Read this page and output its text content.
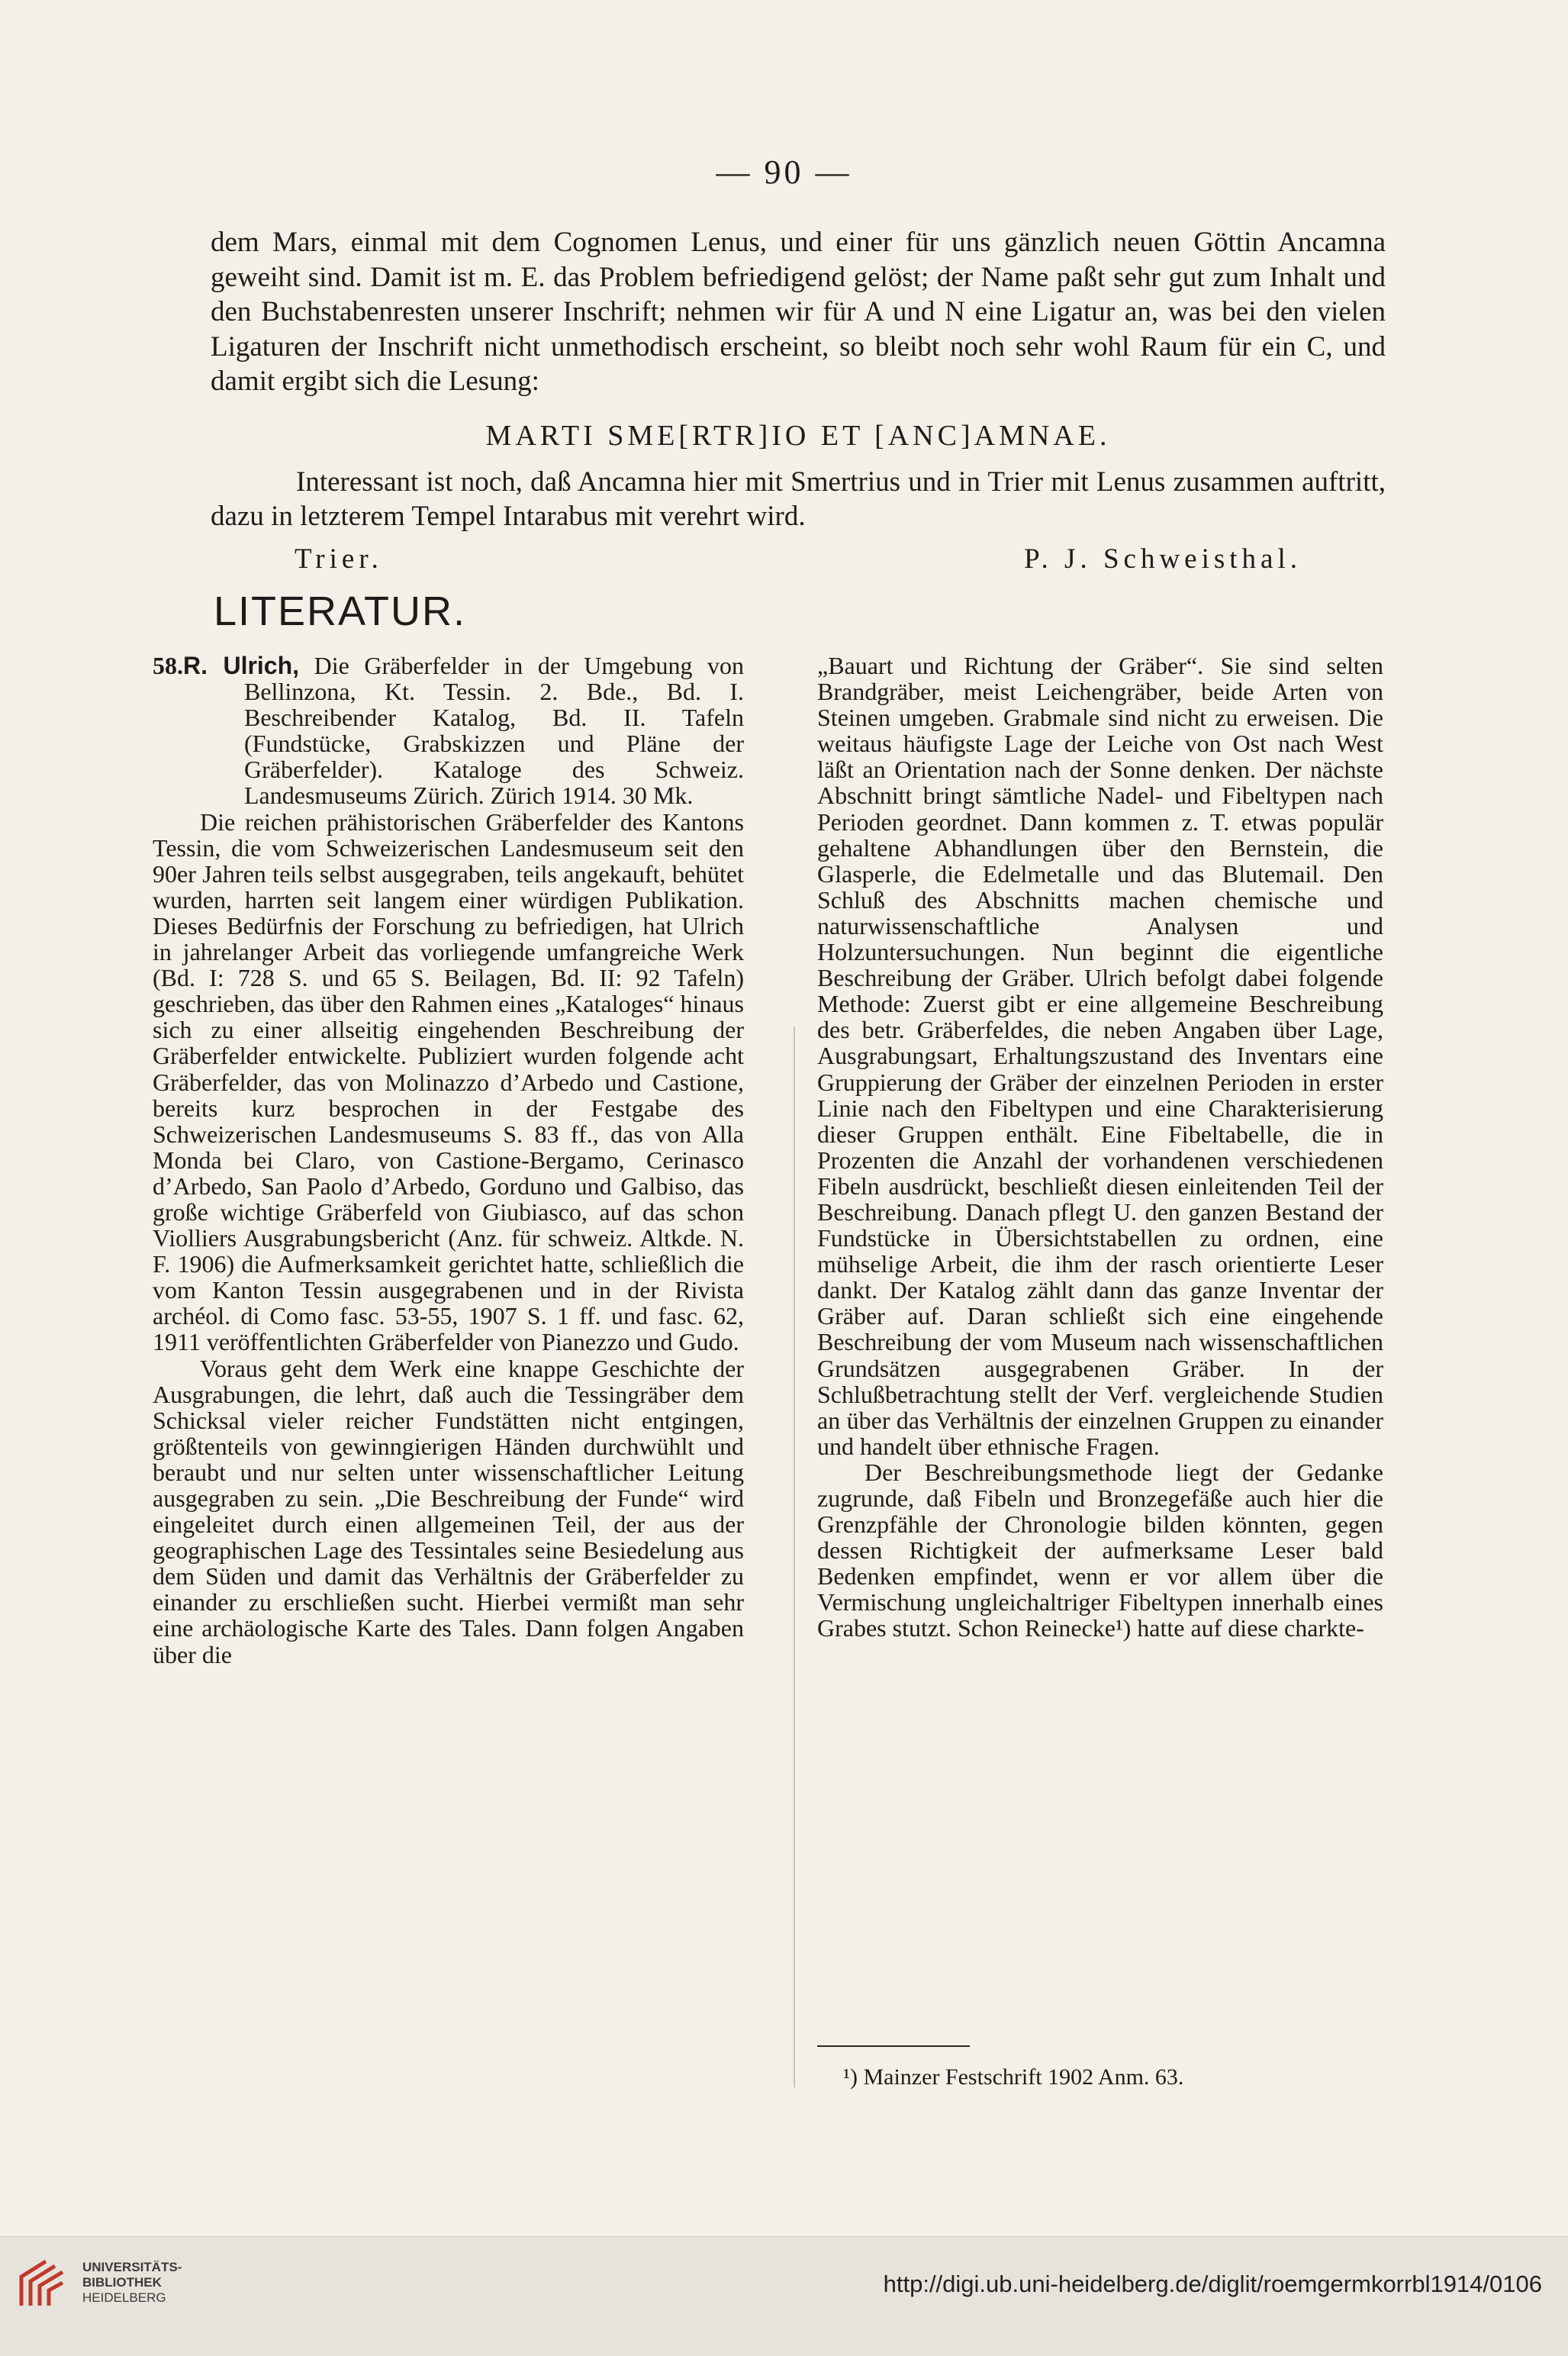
— 90 —

dem Mars, einmal mit dem Cognomen Lenus, und einer für uns gänzlich neuen Göttin Ancamna geweiht sind. Damit ist m. E. das Problem befriedigend gelöst; der Name paßt sehr gut zum Inhalt und den Buchstabenresten unserer Inschrift; nehmen wir für A und N eine Ligatur an, was bei den vielen Ligaturen der Inschrift nicht unmethodisch erscheint, so bleibt noch sehr wohl Raum für ein C, und damit ergibt sich die Lesung:

MARTI SME[RTR]IO ET [ANC]AMNAE.

Interessant ist noch, daß Ancamna hier mit Smertrius und in Trier mit Lenus zusammen auftritt, dazu in letzterem Tempel Intarabus mit verehrt wird.

Trier.	P. J. Schweisthal.
LITERATUR.

58.R. Ulrich, Die Gräberfelder in der Umgebung von Bellinzona, Kt. Tessin. 2. Bde., Bd. I. Beschreibender Katalog, Bd. II. Tafeln (Fundstücke, Grabskizzen und Pläne der Gräberfelder). Kataloge des Schweiz. Landesmuseums Zürich. Zürich 1914. 30 Mk.

Die reichen prähistorischen Gräberfelder des Kantons Tessin, die vom Schweizerischen Landesmuseum seit den 90er Jahren teils selbst ausgegraben, teils angekauft, behütet wurden, harrten seit langem einer würdigen Publikation. Dieses Bedürfnis der Forschung zu befriedigen, hat Ulrich in jahrelanger Arbeit das vorliegende umfangreiche Werk (Bd. I: 728 S. und 65 S. Beilagen, Bd. II: 92 Tafeln) geschrieben, das über den Rahmen eines „Kataloges“ hinaus sich zu einer allseitig eingehenden Beschreibung der Gräberfelder entwickelte. Publiziert wurden folgende acht Gräberfelder, das von Molinazzo d’Arbedo und Castione, bereits kurz besprochen in der Festgabe des Schweizerischen Landesmuseums S. 83 ff., das von Alla Monda bei Claro, von Castione-Bergamo, Cerinasco d’Arbedo, San Paolo d’Arbedo, Gorduno und Galbiso, das große wichtige Gräberfeld von Giubiasco, auf das schon Violliers Ausgrabungsbericht (Anz. für schweiz. Altkde. N. F. 1906) die Aufmerksamkeit gerichtet hatte, schließlich die vom Kanton Tessin ausgegrabenen und in der Rivista archéol. di Como fasc. 53-55, 1907 S. 1 ff. und fasc. 62, 1911 veröffentlichten Gräberfelder von Pianezzo und Gudo.

Voraus geht dem Werk eine knappe Geschichte der Ausgrabungen, die lehrt, daß auch die Tessingräber dem Schicksal vieler reicher Fundstätten nicht entgingen, größtenteils von gewinngierigen Händen durchwühlt und beraubt und nur selten unter wissenschaftlicher Leitung ausgegraben zu sein. „Die Beschreibung der Funde“ wird eingeleitet durch einen allgemeinen Teil, der aus der geographischen Lage des Tessintales seine Besiedelung aus dem Süden und damit das Verhältnis der Gräberfelder zu einander zu erschließen sucht. Hierbei vermißt man sehr eine archäologische Karte des Tales. Dann folgen Angaben über die

„Bauart und Richtung der Gräber“. Sie sind selten Brandgräber, meist Leichengräber, beide Arten von Steinen umgeben. Grabmale sind nicht zu erweisen. Die weitaus häufigste Lage der Leiche von Ost nach West läßt an Orientation nach der Sonne denken. Der nächste Abschnitt bringt sämtliche Nadel- und Fibeltypen nach Perioden geordnet. Dann kommen z. T. etwas populär gehaltene Abhandlungen über den Bernstein, die Glasperle, die Edelmetalle und das Blutemail. Den Schluß des Abschnitts machen chemische und naturwissenschaftliche Analysen und Holzuntersuchungen. Nun beginnt die eigentliche Beschreibung der Gräber. Ulrich befolgt dabei folgende Methode: Zuerst gibt er eine allgemeine Beschreibung des betr. Gräberfeldes, die neben Angaben über Lage, Ausgrabungsart, Erhaltungszustand des Inventars eine Gruppierung der Gräber der einzelnen Perioden in erster Linie nach den Fibeltypen und eine Charakterisierung dieser Gruppen enthält. Eine Fibeltabelle, die in Prozenten die Anzahl der vorhandenen verschiedenen Fibeln ausdrückt, beschließt diesen einleitenden Teil der Beschreibung. Danach pflegt U. den ganzen Bestand der Fundstücke in Übersichtstabellen zu ordnen, eine mühselige Arbeit, die ihm der rasch orientierte Leser dankt. Der Katalog zählt dann das ganze Inventar der Gräber auf. Daran schließt sich eine eingehende Beschreibung der vom Museum nach wissenschaftlichen Grundsätzen ausgegrabenen Gräber. In der Schlußbetrachtung stellt der Verf. vergleichende Studien an über das Verhältnis der einzelnen Gruppen zu einander und handelt über ethnische Fragen.

Der Beschreibungsmethode liegt der Gedanke zugrunde, daß Fibeln und Bronzegefäße auch hier die Grenzpfähle der Chronologie bilden könnten, gegen dessen Richtigkeit der aufmerksame Leser bald Bedenken empfindet, wenn er vor allem über die Vermischung ungleichaltriger Fibeltypen innerhalb eines Grabes stutzt. Schon Reinecke¹) hatte auf diese charkte-

¹) Mainzer Festschrift 1902 Anm. 63.
UNIVERSITÄTS-
BIBLIOTHEK
HEIDELBERG
http://digi.ub.uni-heidelberg.de/diglit/roemgermkorrbl1914/0106
